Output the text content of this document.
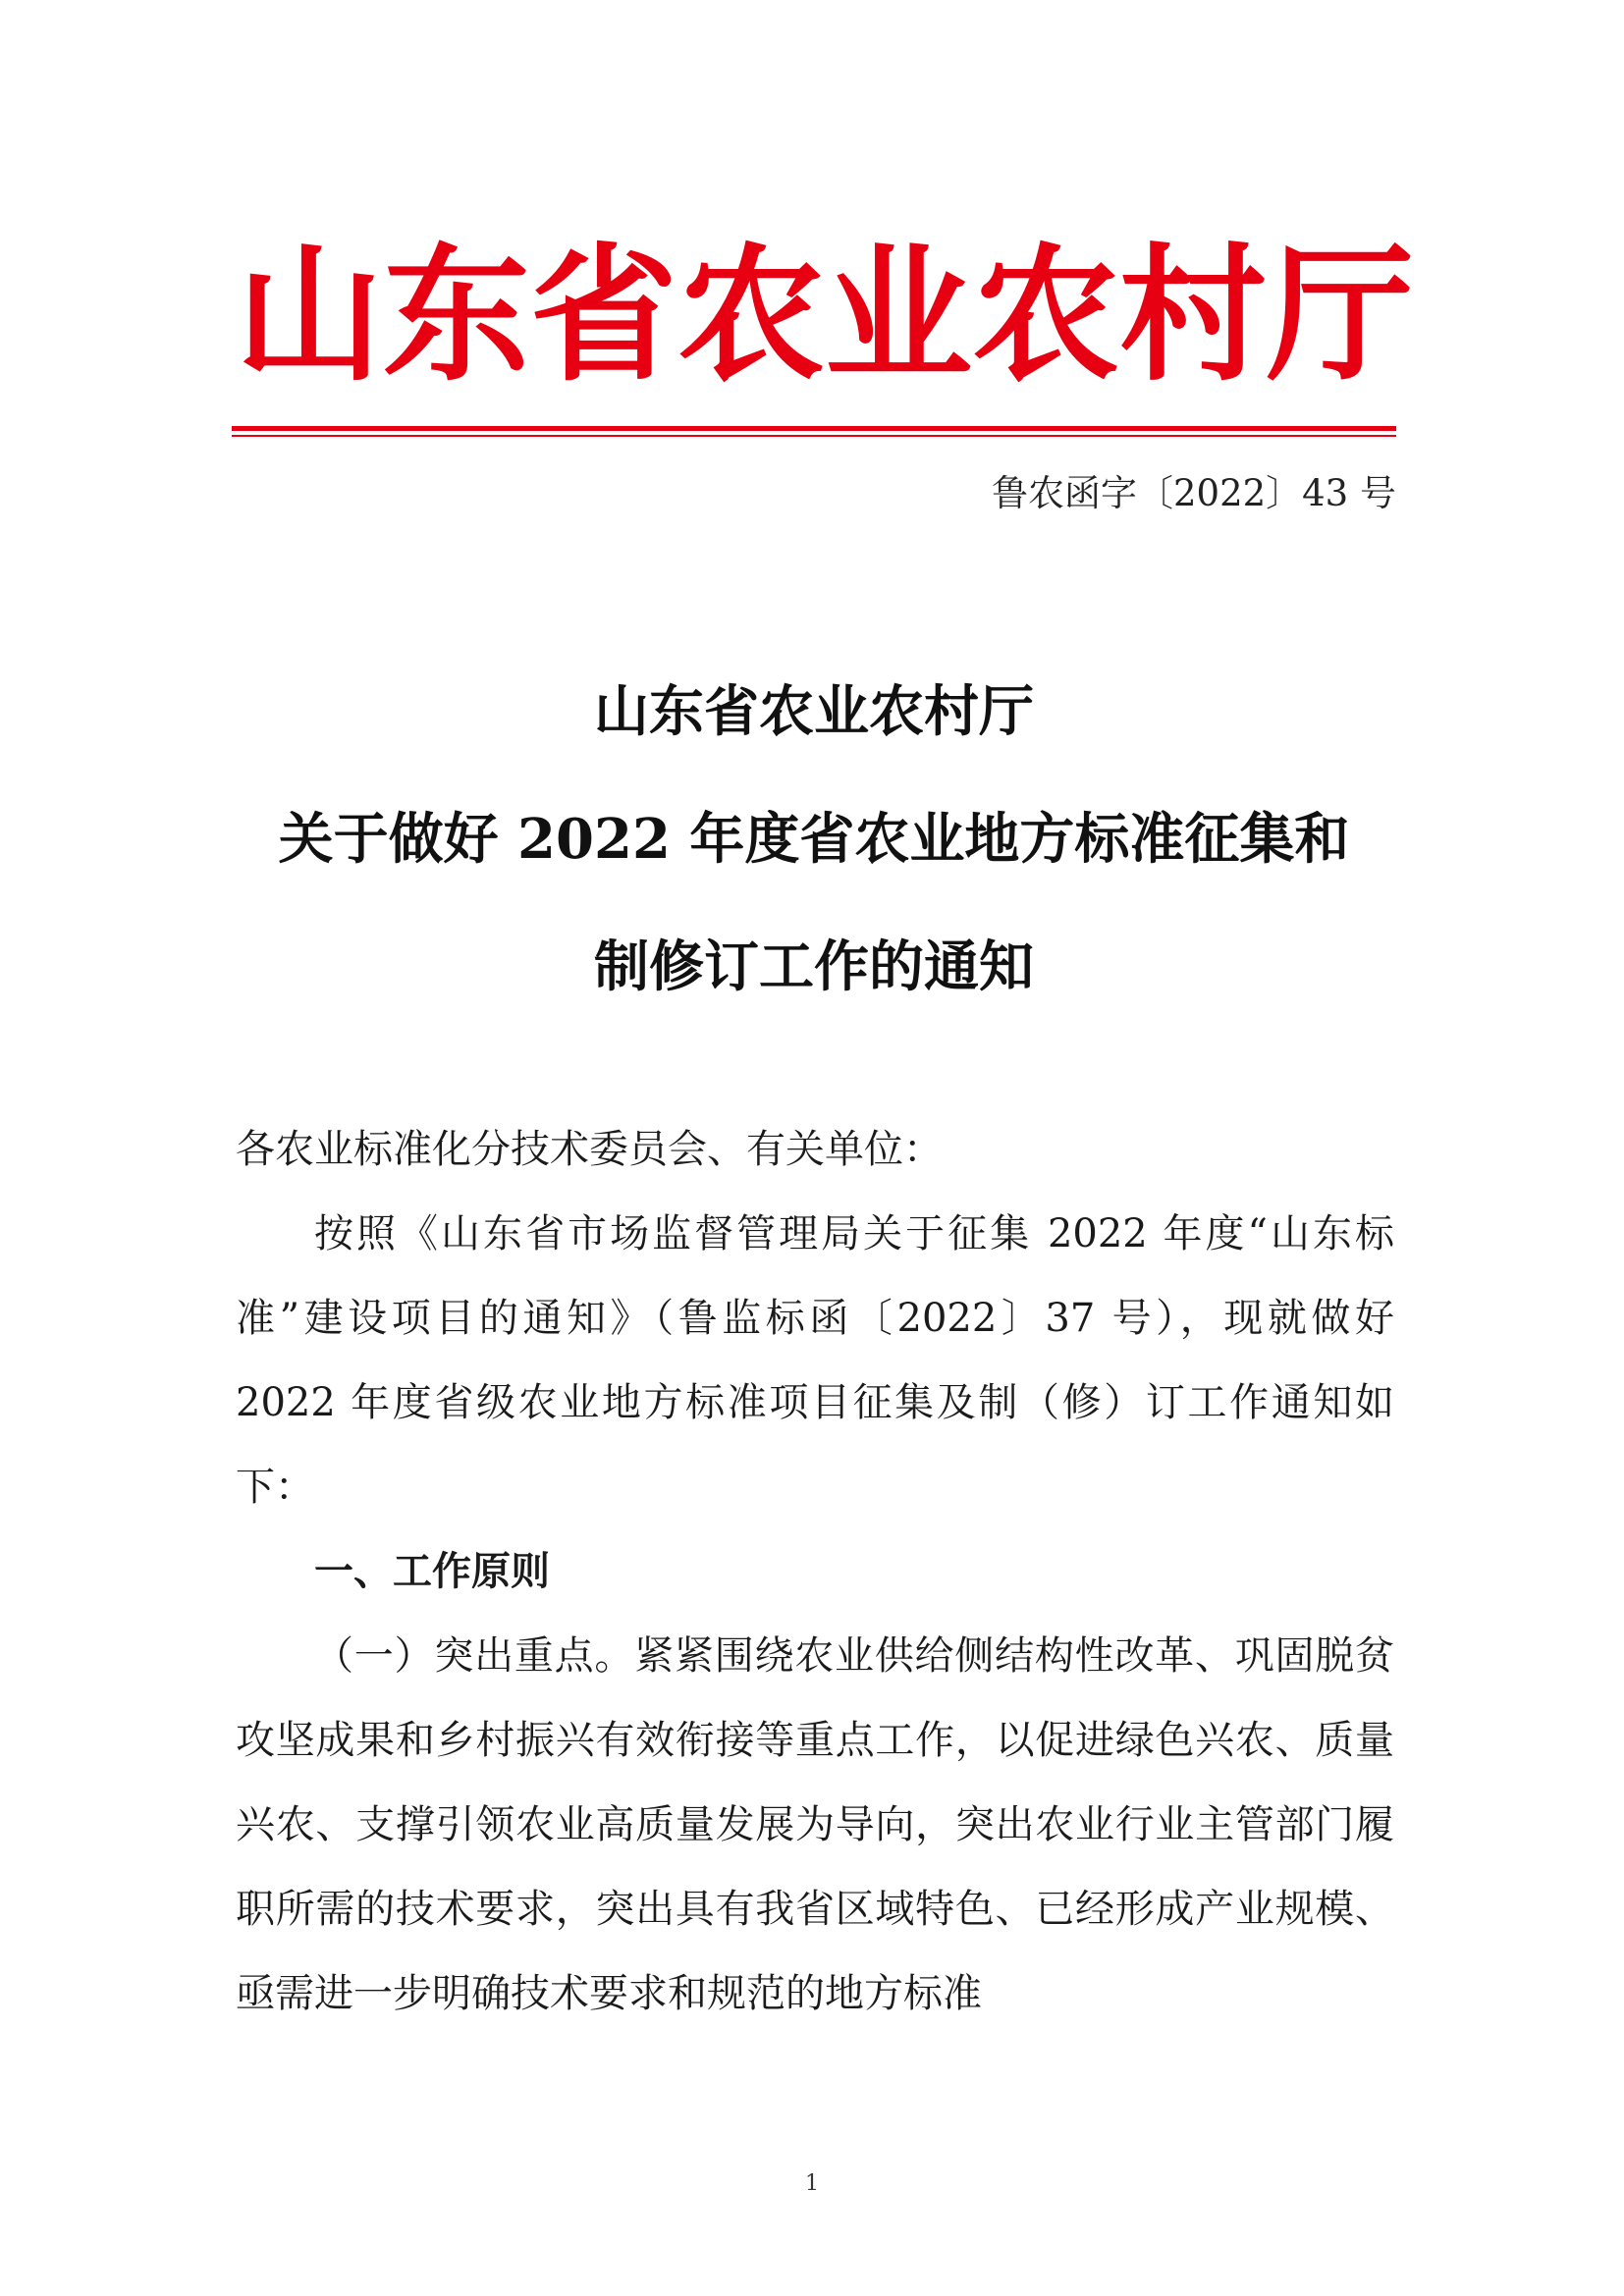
山东省农业农村厅
鲁农函字〔2022〕43 号
山东省农业农村厅
关于做好 2022 年度省农业地方标准征集和
制修订工作的通知

各农业标准化分技术委员会、有关单位：

按照《山东省市场监督管理局关于征集 2022 年度“山东标准”建设项目的通知》（鲁监标函〔2022〕37 号），现就做好 2022 年度省级农业地方标准项目征集及制（修）订工作通知如下：

一、工作原则

（一）突出重点。紧紧围绕农业供给侧结构性改革、巩固脱贫攻坚成果和乡村振兴有效衔接等重点工作，以促进绿色兴农、质量兴农、支撑引领农业高质量发展为导向，突出农业行业主管部门履职所需的技术要求，突出具有我省区域特色、已经形成产业规模、亟需进一步明确技术要求和规范的地方标准

1
